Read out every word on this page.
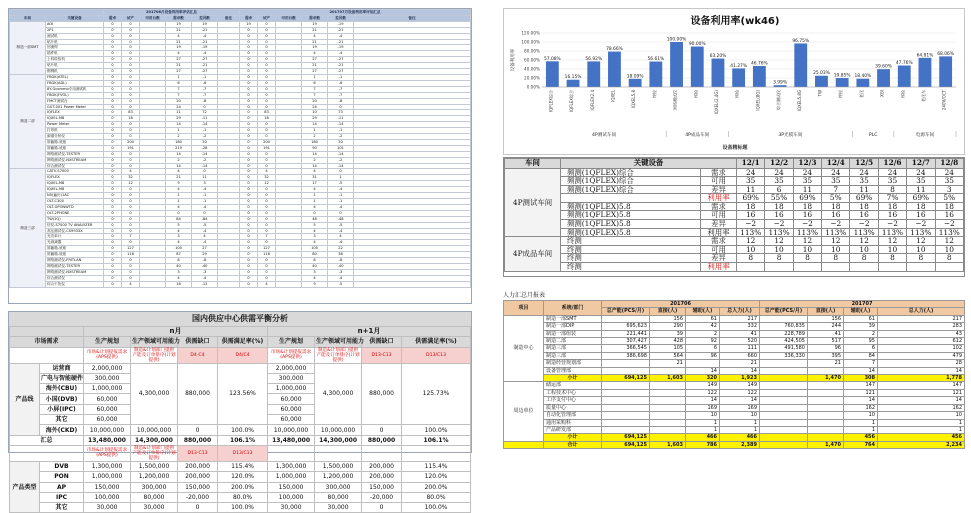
		201706月设备利用率评估汇总						201707月设备利用率评估汇总					
车间	关键设备	需求	试产	可用台数	需求数	差异数	备注	需求	试产	可用台数	需求数	差异数	备注
制造一部SMT	AOI	0	0		19	19		19	0		19	-19	
	2P1	0	0		21	-21		0	0		21	-21	
	测试机	0	0		4	-4		0	0		4	-4	
	贴片机	0	0		21	-21		0	0		21	-21	
	回流焊	0	0		19	-19		0	0		19	-19	
	插件机	0	0		4	-4		0	0		4	-4	
	上料检验机	0	0		27	-27		0	0		27	-27	
	贴片机	0	0		21	-21		0	0		21	-21	
	钢网机	0	0		27	-27		0	0		27	-27	
制造二部	FBGK(ATEL)	0	0		1	-1		0	0		1	-1	
	FBGK(ADL)	0	0		6	-6		0	0		6	-6	
	8Y-Gcommo专用测试机	0	0		7	-7		0	0		7	-7	
	FBGK(FVOL)	0	0		7	-7		0	0		7	-7	
	FMCT测试台	0	0		20	-8		0	0		20	-8	
	GUT-001 Power Meter	0	0		24	0		0	0		24	0	
	IQFLEX	0	83		11	72		0	83		10	73	
	IQXEL-M8	0	18		29	-11		0	18		29	-11	
	Power Meter	0	0		14	-14		0	0		14	-14	
	打印机	0	0		1	-1		0	0		1	-1	
	频谱分析仪	0	0		2	-2		0	0		2	-2	
	屏蔽箱-底座	0	200		180	20		0	200		180	20	
	屏蔽箱-底座	0	191		219	-28		0	191		90	101	
	网络测试仪-TESTER	0	0		14	-14		0	0		14	-14	
	网络测试仪-NXSTREAM	0	0		2	-2		0	0		2	-2	
	综合测试仪	0	0		14	-14		0	0		14	-14	
制造三部	CATV-S7000	0	4		4	0		0	4		4	0	
	IQFLEX	0	32		21	11		0	32		31	1	
	IQXEL-M8	0	12		9	3		0	12		17	-5	
	IQXEL-M8	0	0		4	-4		0	0		4	-4	
	N5(遍历)1AC	0	0		1	-1		0	0		1	-1	
	OLT-C300	0	0		1	-1		0	0		1	-1	
	OLT-GPONWTD	0	0		4	-4		0	0		4	-4	
	OLT-2PHONE	0	0		0	0		0	0		0	0	
	TW(1Q)	0	0		84	-84		0	0		48	-48	
	信仪-S7000 TV ANALYZER	0	0		5	-5		0	0		5	-5	
	高压测试仪-CS9933X	0	0		4	-4		0	0		4	-4	
	光功率计	0	7		3	4		0	7		3	4	
	光衰减器	0	0		4	-4		0	0		4	-4	
	屏蔽箱-底座	0	127		100	27		0	127		105	22	
	屏蔽箱-底座	0	116		87	29		0	116		80	36	
	网络测试仪-FRITLAN	0	0		8	-8		0	0		8	-8	
	网络测试仪-TESTER	0	0		40	-40		0	0		40	-40	
	网络测试仪-NXSTREAM	0	0		3	-3		0	0		3	-3	
	综合测试仪	0	0		4	-4		0	0		4	-4	
	综合干扰仪	0	4		16	-12		0	4		9	-5	
国内供应中心供需平衡分析
		n月				n+1月			
市场需求		生产规划	生产领域可用能力	供需缺口	供需满足率(%)	生产规划	生产领域可用能力	供需缺口	供需满足率(%)
		市场&计划提报需求(APS提供)	制造&计划部门提供产能及订单排序(计划提供)	D4-C4	D4/C4	市场&计划提报需求(APS提供)	制造&计划部门提供产能及订单排序(计划提供)	D13-C13	D13/C13
产品线	运营商	2,000,000	4,300,000	880,000	123.56%	2,000,000	4,300,000	880,000	125.73%
	广电与智能硬件	300,000				300,000			
	海外(CBU)	1,000,000				1,000,000			
	小国(DVB)	60,000				60,000			
	小屏(IPC)	60,000				60,000			
	其它	60,000				60,000			
	海外(CKD)	10,000,000	10,000,000	0	100.0%	10,000,000	10,000,000	0	100.0%
汇总		13,480,000	14,300,000	880,000	106.1%	13,480,000	14,300,000	880,000	106.1%
		市场&计划提报需求(APS提供)	制造&计划部门提供产能及订单排序(计划提供)	D13-C13	D13/C13				
产品类型	DVB	1,300,000	1,500,000	200,000	115.4%	1,300,000	1,500,000	200,000	115.4%
	PON	1,000,000	1,200,000	200,000	120.0%	1,000,000	1,200,000	200,000	120.0%
	AP	150,000	300,000	150,000	200.0%	150,000	300,000	150,000	200.0%
	IPC	100,000	80,000	-20,000	80.0%	100,000	80,000	-20,000	80.0%
	其它	30,000	30,000	0	100.0%	30,000	30,000	0	100.0%
设备利用率(wk46)
0.00%
20.00%
40.00%
60.00%
80.00%
100.00%
120.00%
设备利用率	57.08%
IQFLEX综合
16.15%
IQFLEX综合
56.92%
IQFLEX2.4
78.66%
IQXEL
18.09%
IQXEL5.8
56.61%
终检
100.00%
网络测试仪
90.00%
终检
63.20%
IQXEL(2.4G)
41.27%
终检
46.76%
IQXEL(8G)
3.99%
综合测试仪
96.75%
IQXEL5.8G
25.03%
TW
19.85%
终检
18.40%
老化
39.60%
XGI
47.76%
终检
64.81%
老化车
68.06%
240V/OCT
4P测试车间	4P成品车间	3P光模车间	PLC	电源车间
设备精标题
车间	关键设备		12/1	12/2	12/3	12/4	12/5	12/6	12/7	12/8
4P测试车间	频测(1QFLEX)综合	需求	24	24	24	24	24	24	24	24
	频测(1QFLEX)综合	可用	35	35	35	35	35	35	35	35
	频测(1QFLEX)综合	差异	11	6	11	7	11	8	11	3
		利用率	69%	55%	69%	5%	69%	7%	69%	5%
	频测(1QFLEX)5.8	需求	18	18	18	18	18	18	18	18
	频测(1QFLEX)5.8	可用	16	16	16	16	16	16	16	16
	频测(1QFLEX)5.8	差异	−2	−2	−2	−2	−2	−2	−2	−2
	频测(1QFLEX)5.8	利用率	113%	113%	113%	113%	113%	113%	113%	113%
4P成品车间	终测	需求	12	12	12	12	12	12	12	12
	终测	可用	10	10	10	10	10	10	10	10
	终测	差异	8	8	8	8	8	8	8	8
	终测	利用率								
人力汇总月报表
项目	系统/部门	201706				201707			
		总产能(PCS/月)	直接(人)	辅助(人)	总人力(人)	总产能(PCS/月)	直接(人)	辅助(人)	总人力(人)
制造中心	制造一部SMT		156	61	217		156	61	217
	制造一部DIP	695,623	290	42	332	760,835	244	39	283
	制造一部组装	221,441	39	2	41	228,789	41	2	43
	制造二部	307,427	428	92	520	424,505	517	95	612
	制造三部	366,545	105	6	111	491,580	96	6	102
	制造三部	386,698	564	96	660	336,330	395	84	479
	制造经营规划部		21		21		21	7	28
	设备管理部			14	14			14	14
	小计	694,125	1,603	320	1,923		1,470	308	1,778
周边单位	储运部			149	149			147	147
	工程技术中心			122	122			121	121
	工序支付中心			14	14			14	14
	质量中心			169	169			162	162
	自动化管理部			10	10			10	10
	通用采购科			1	1			1	1
	产品研发部			1	1			1	1
	小计	694,125		466	466			456	456
	合计	694,125	1,603	786	2,389		1,470	764	2,234
